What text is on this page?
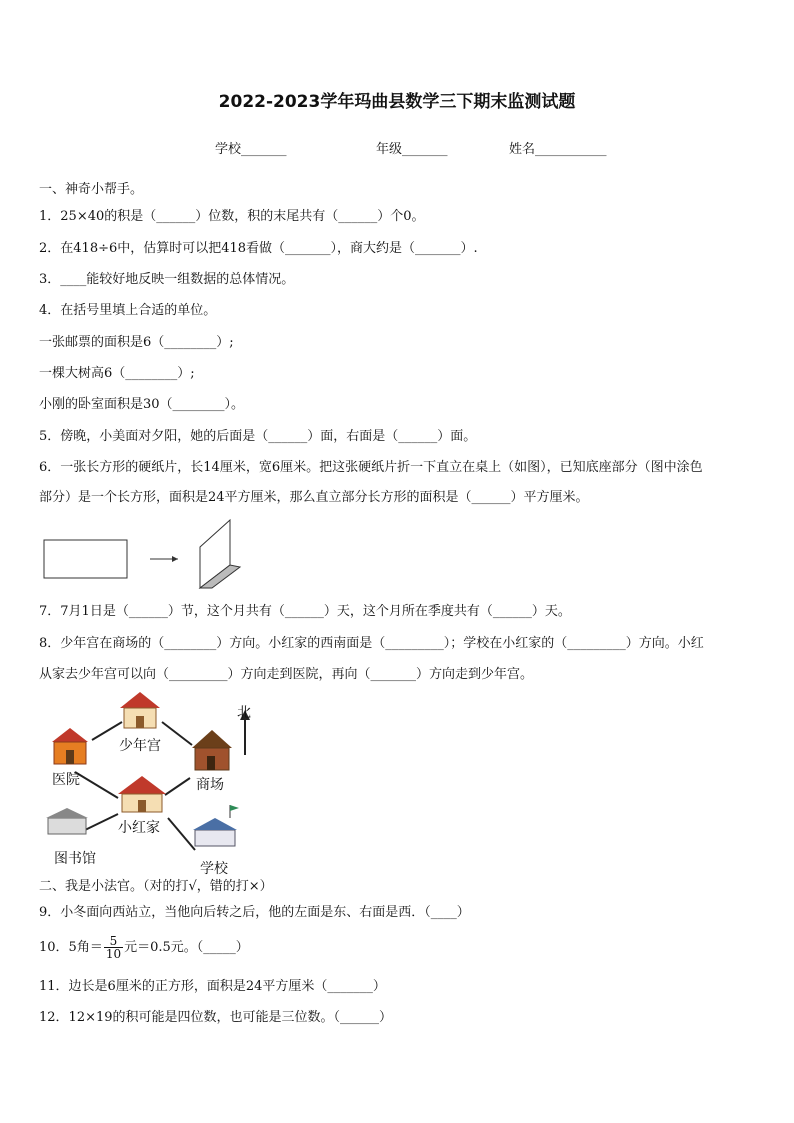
2022-2023学年玛曲县数学三下期末监测试题
学校_______	年级_______	姓名___________
一、神奇小帮手。
1．25×40的积是（______）位数，积的末尾共有（______）个0。
2．在418÷6中，估算时可以把418看做（_______），商大约是（_______）.
3．____能较好地反映一组数据的总体情况。
4．在括号里填上合适的单位。
一张邮票的面积是6（________）;
一棵大树高6（________）;
小刚的卧室面积是30（________）。
5．傍晚，小美面对夕阳，她的后面是（______）面，右面是（______）面。
6．一张长方形的硬纸片，长14厘米，宽6厘米。把这张硬纸片折一下直立在桌上（如图），已知底座部分（图中涂色
部分）是一个长方形，面积是24平方厘米，那么直立部分长方形的面积是（______）平方厘米。
7．7月1日是（______）节，这个月共有（______）天，这个月所在季度共有（______）天。
8．少年宫在商场的（________）方向。小红家的西南面是（_________）；学校在小红家的（_________）方向。小红
从家去少年宫可以向（_________）方向走到医院，再向（_______）方向走到少年宫。
北
少年宫
医院	商场
小红家
图书馆
学校
二、我是小法官。（对的打√，错的打×）
9．小冬面向西站立，当他向后转之后，他的左面是东、右面是西．（____）
10．5角＝ $\frac{5}{10}$ 元＝0.5元。（_____）
11．边长是6厘米的正方形，面积是24平方厘米（_______）
12．12×19的积可能是四位数，也可能是三位数。（______）
